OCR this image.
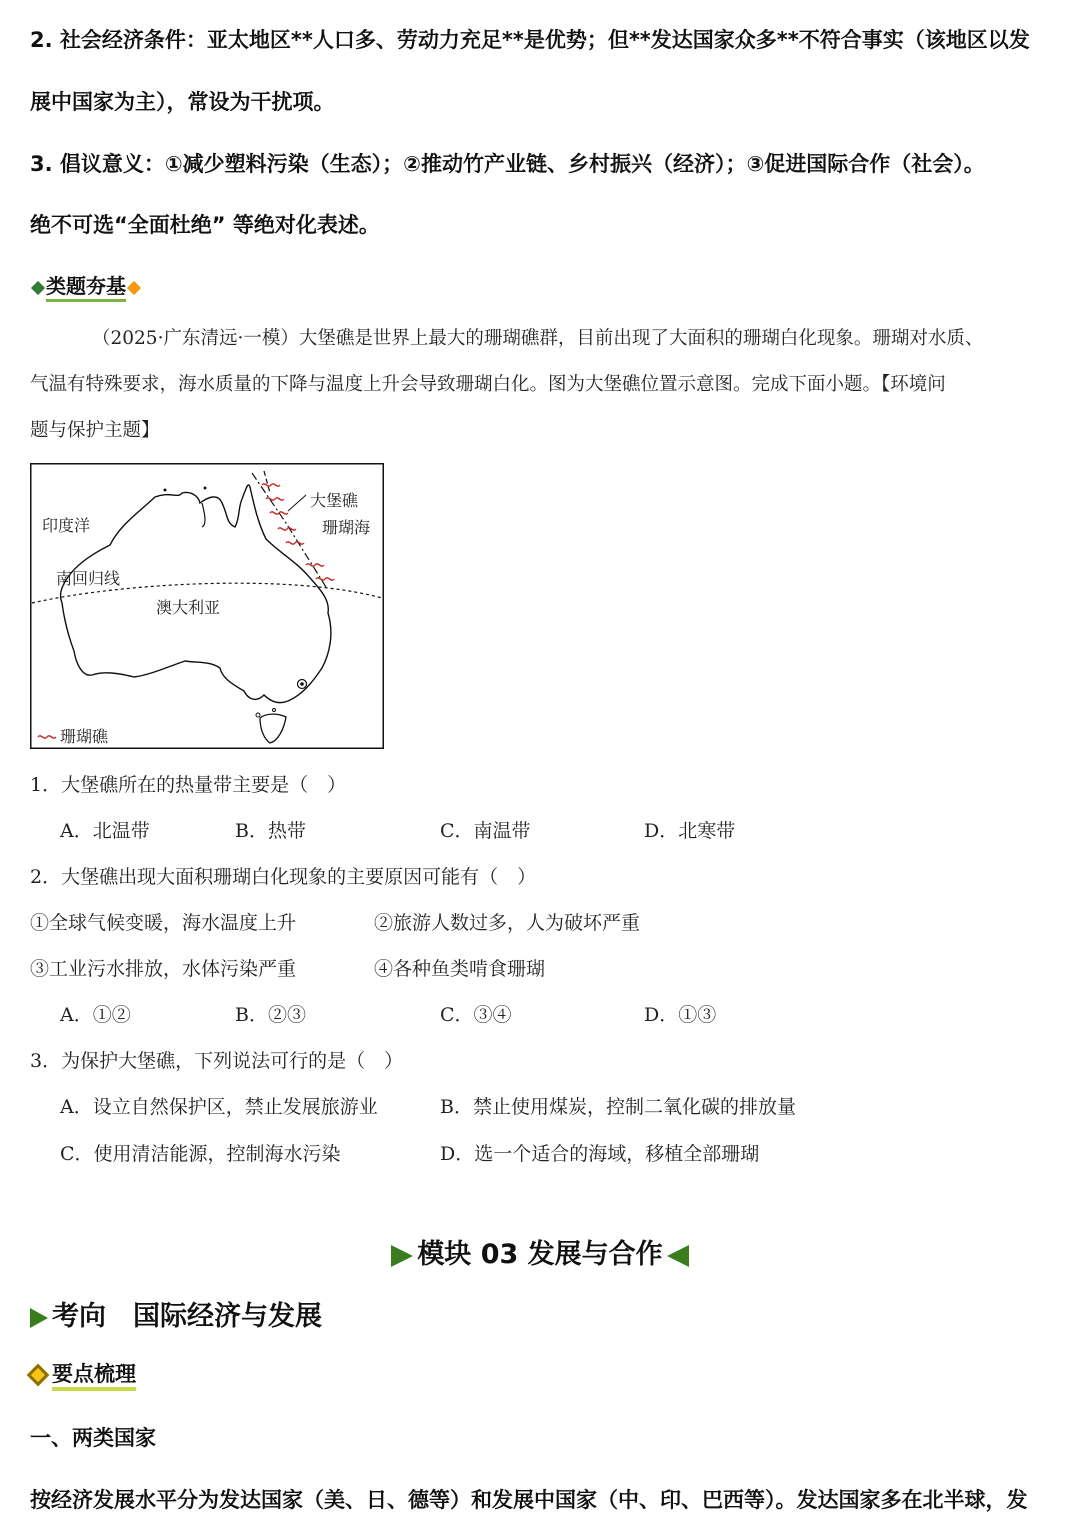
2. 社会经济条件：亚太地区**人口多、劳动力充足**是优势；但**发达国家众多**不符合事实（该地区以发
展中国家为主），常设为干扰项。
3. 倡议意义：①减少塑料污染（生态）；②推动竹产业链、乡村振兴（经济）；③促进国际合作（社会）。
绝不可选“全面杜绝” 等绝对化表述。
类题夯基
（2025·广东清远·一模）大堡礁是世界上最大的珊瑚礁群，目前出现了大面积的珊瑚白化现象。珊瑚对水质、
气温有特殊要求，海水质量的下降与温度上升会导致珊瑚白化。图为大堡礁位置示意图。完成下面小题。【环境问
题与保护主题】
印度洋
南回归线
澳大利亚
大堡礁
珊瑚海
珊瑚礁
1．大堡礁所在的热量带主要是（　）
A．北温带	B．热带	C．南温带	D．北寒带
2．大堡礁出现大面积珊瑚白化现象的主要原因可能有（　）
①全球气候变暖，海水温度上升	②旅游人数过多，人为破坏严重
③工业污水排放，水体污染严重	④各种鱼类啃食珊瑚
A．①②	B．②③	C．③④	D．①③
3．为保护大堡礁，下列说法可行的是（　）
A．设立自然保护区，禁止发展旅游业	B．禁止使用煤炭，控制二氧化碳的排放量
C．使用清洁能源，控制海水污染	D．选一个适合的海域，移植全部珊瑚
模块 03 发展与合作
考向　国际经济与发展
要点梳理
一、两类国家
按经济发展水平分为发达国家（美、日、德等）和发展中国家（中、印、巴西等）。发达国家多在北半球，发
